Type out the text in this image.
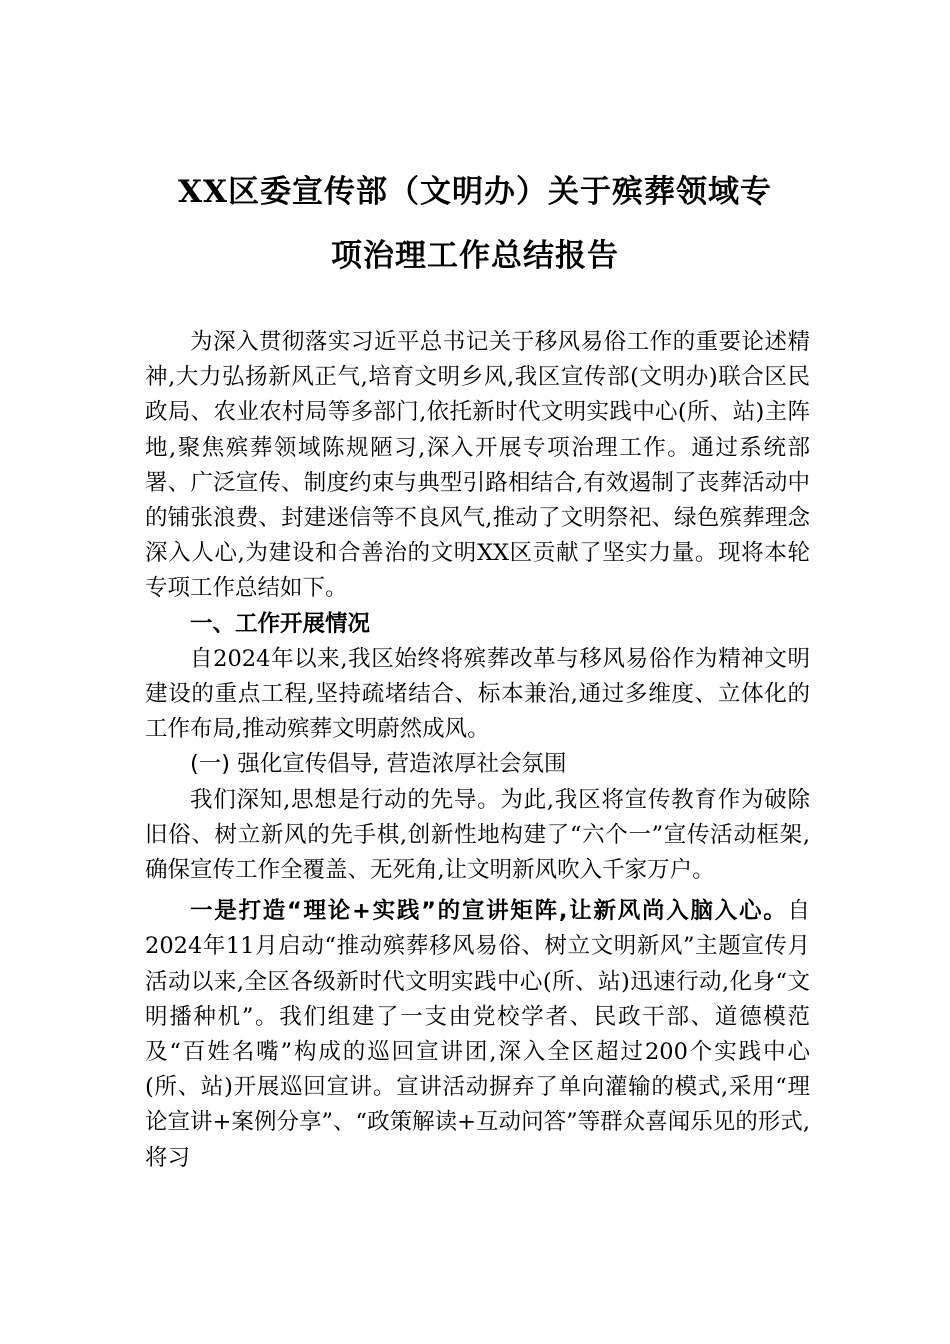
XX区委宣传部（文明办）关于殡葬领域专
项治理工作总结报告

为深入贯彻落实习近平总书记关于移风易俗工作的重要论述精神,大力弘扬新风正气,培育文明乡风,我区宣传部(文明办)联合区民政局、农业农村局等多部门,依托新时代文明实践中心(所、站)主阵地,聚焦殡葬领域陈规陋习,深入开展专项治理工作。通过系统部署、广泛宣传、制度约束与典型引路相结合,有效遏制了丧葬活动中的铺张浪费、封建迷信等不良风气,推动了文明祭祀、绿色殡葬理念深入人心,为建设和合善治的文明XX区贡献了坚实力量。现将本轮专项工作总结如下。

一、工作开展情况

自2024年以来,我区始终将殡葬改革与移风易俗作为精神文明建设的重点工程,坚持疏堵结合、标本兼治,通过多维度、立体化的工作布局,推动殡葬文明蔚然成风。

(一) 强化宣传倡导, 营造浓厚社会氛围

我们深知,思想是行动的先导。为此,我区将宣传教育作为破除旧俗、树立新风的先手棋,创新性地构建了“六个一”宣传活动框架,确保宣传工作全覆盖、无死角,让文明新风吹入千家万户。

一是打造“理论+实践”的宣讲矩阵,让新风尚入脑入心。自2024年11月启动“推动殡葬移风易俗、树立文明新风”主题宣传月活动以来,全区各级新时代文明实践中心(所、站)迅速行动,化身“文明播种机”。我们组建了一支由党校学者、民政干部、道德模范及“百姓名嘴”构成的巡回宣讲团,深入全区超过200个实践中心(所、站)开展巡回宣讲。宣讲活动摒弃了单向灌输的模式,采用“理论宣讲+案例分享”、“政策解读+互动问答”等群众喜闻乐见的形式,将习
